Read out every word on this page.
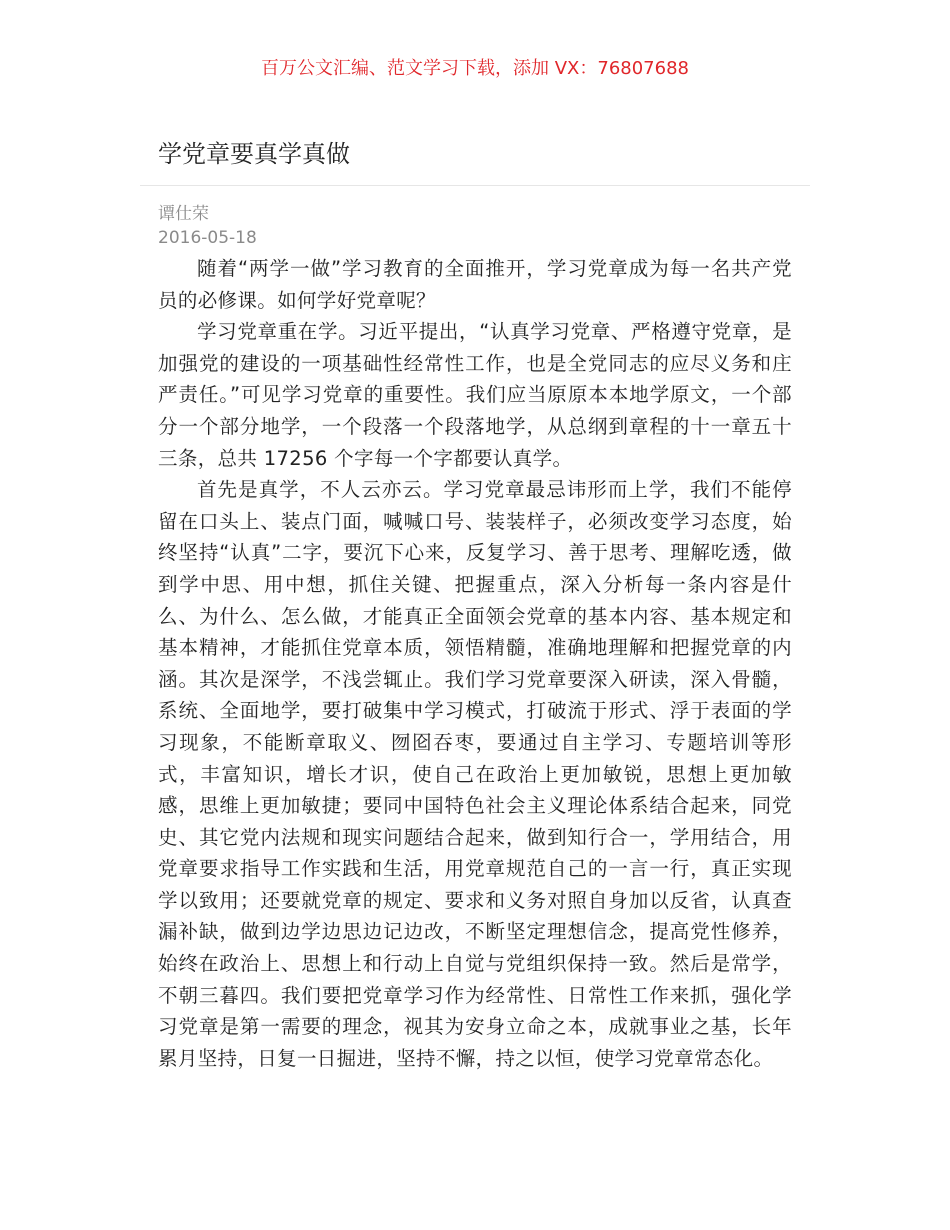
百万公文汇编、范文学习下载，添加 VX：76807688
学党章要真学真做
谭仕荣
2016-05-18

随着“两学一做”学习教育的全面推开，学习党章成为每一名共产党员的必修课。如何学好党章呢？

学习党章重在学。习近平提出，“认真学习党章、严格遵守党章，是加强党的建设的一项基础性经常性工作，也是全党同志的应尽义务和庄严责任。”可见学习党章的重要性。我们应当原原本本地学原文，一个部分一个部分地学，一个段落一个段落地学，从总纲到章程的十一章五十三条，总共 17256 个字每一个字都要认真学。

首先是真学，不人云亦云。学习党章最忌讳形而上学，我们不能停留在口头上、装点门面，喊喊口号、装装样子，必须改变学习态度，始终坚持“认真”二字，要沉下心来，反复学习、善于思考、理解吃透，做到学中思、用中想，抓住关键、把握重点，深入分析每一条内容是什么、为什么、怎么做，才能真正全面领会党章的基本内容、基本规定和基本精神，才能抓住党章本质，领悟精髓，准确地理解和把握党章的内涵。其次是深学，不浅尝辄止。我们学习党章要深入研读，深入骨髓，系统、全面地学，要打破集中学习模式，打破流于形式、浮于表面的学习现象，不能断章取义、囫囵吞枣，要通过自主学习、专题培训等形式，丰富知识，增长才识，使自己在政治上更加敏锐，思想上更加敏感，思维上更加敏捷；要同中国特色社会主义理论体系结合起来，同党史、其它党内法规和现实问题结合起来，做到知行合一，学用结合，用党章要求指导工作实践和生活，用党章规范自己的一言一行，真正实现学以致用；还要就党章的规定、要求和义务对照自身加以反省，认真查漏补缺，做到边学边思边记边改，不断坚定理想信念，提高党性修养，始终在政治上、思想上和行动上自觉与党组织保持一致。然后是常学，不朝三暮四。我们要把党章学习作为经常性、日常性工作来抓，强化学习党章是第一需要的理念，视其为安身立命之本，成就事业之基，长年累月坚持，日复一日掘进，坚持不懈，持之以恒，使学习党章常态化。
